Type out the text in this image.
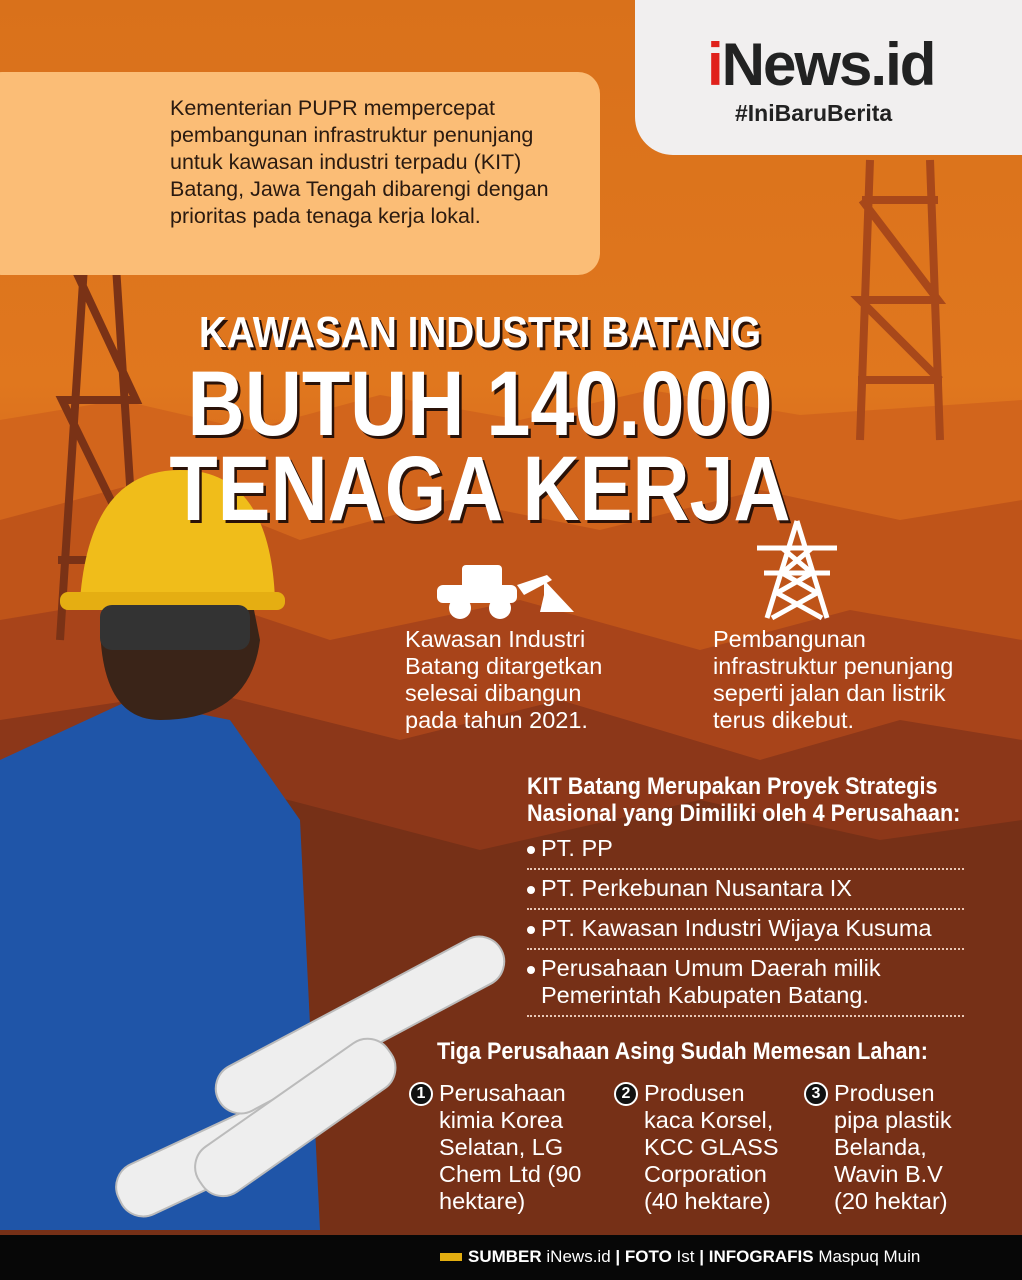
iNews.id
#IniBaruBerita
Kementerian PUPR mempercepat pembangunan infrastruktur penunjang untuk kawasan industri terpadu (KIT) Batang, Jawa Tengah dibarengi dengan prioritas pada tenaga kerja lokal.
KAWASAN INDUSTRI BATANG
BUTUH 140.000
TENAGA KERJA
Kawasan Industri Batang ditargetkan selesai dibangun pada tahun 2021.
Pembangunan infrastruktur penunjang seperti jalan dan listrik terus dikebut.
KIT Batang Merupakan Proyek Strategis Nasional yang Dimiliki oleh 4 Perusahaan:
PT. PP
PT. Perkebunan Nusantara IX
PT. Kawasan Industri Wijaya Kusuma
Perusahaan Umum Daerah milik Pemerintah Kabupaten Batang.
Tiga Perusahaan Asing Sudah Memesan Lahan:
1 Perusahaan kimia Korea Selatan, LG Chem Ltd (90 hektare)
2 Produsen kaca Korsel, KCC GLASS Corporation (40 hektare)
3 Produsen pipa plastik Belanda, Wavin B.V (20 hektar)
SUMBER iNews.id | FOTO Ist | INFOGRAFIS Maspuq Muin
